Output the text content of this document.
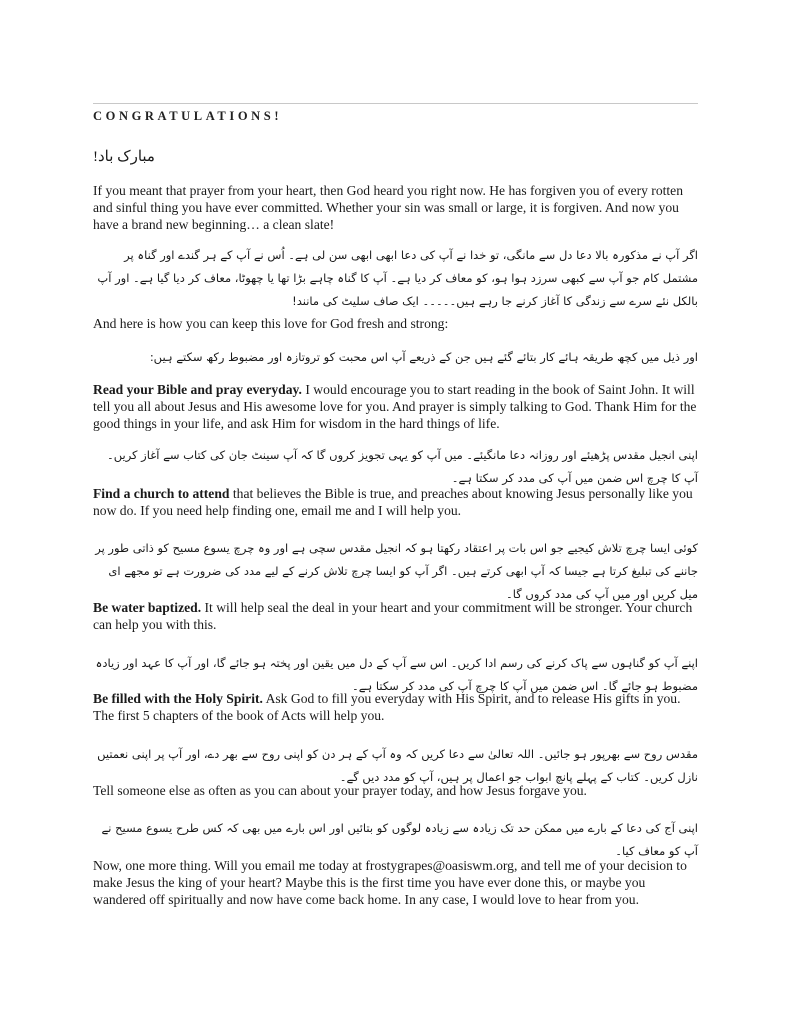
CONGRATULATIONS!
مبارک باد!
If you meant that prayer from your heart, then God heard you right now. He has forgiven you of every rotten and sinful thing you have ever committed. Whether your sin was small or large, it is forgiven. And now you have a brand new beginning… a clean slate!
اگر آپ نے مذکورہ بالا دعا دل سے مانگی، تو خدا نے آپ کی دعا ابھی ابھی سن لی ہے۔ اُس نے آپ کے ہر گندے اور گناہ پر مشتمل کام جو آپ سے کبھی سرزد ہوا ہو، کو معاف کر دیا ہے۔ آپ کا گناہ چاہے بڑا تھا یا چھوٹا، معاف کر دیا گیا ہے۔ اور آپ بالکل نئے سرے سے زندگی کا آغاز کرنے جا رہے ہیں۔۔۔۔۔ ایک صاف سلیٹ کی مانند!
And here is how you can keep this love for God fresh and strong:
اور ذیل میں کچھ طریقہ ہائے کار بتائے گئے ہیں جن کے ذریعے آپ اس محبت کو تروتازہ اور مضبوط رکھ سکتے ہیں:
Read your Bible and pray everyday. I would encourage you to start reading in the book of Saint John. It will tell you all about Jesus and His awesome love for you. And prayer is simply talking to God. Thank Him for the good things in your life, and ask Him for wisdom in the hard things of life.
اپنی انجیل مقدس پڑھیئے اور روزانہ دعا مانگیئے۔ میں آپ کو یہی تجویز کروں گا کہ آپ سینٹ جان کی کتاب سے آغاز کریں۔ آپ کا چرچ اس ضمن میں آپ کی مدد کر سکتا ہے۔
Find a church to attend that believes the Bible is true, and preaches about knowing Jesus personally like you now do. If you need help finding one, email me and I will help you.
کوئی ایسا چرچ تلاش کیجیے جو اس بات پر اعتقاد رکھتا ہو کہ انجیل مقدس سچی ہے اور وہ چرچ یسوع مسیح کو ذاتی طور پر جاننے کی تبلیغ کرتا ہے جیسا کہ آپ ابھی کرتے ہیں۔ اگر آپ کو ایسا چرچ تلاش کرنے کے لیے مدد کی ضرورت ہے تو مجھے ای میل کریں اور میں آپ کی مدد کروں گا۔
Be water baptized. It will help seal the deal in your heart and your commitment will be stronger. Your church can help you with this.
اپنے آپ کو گناہوں سے پاک کرنے کی رسم ادا کریں۔ اس سے آپ کے دل میں یقین اور پختہ ہو جائے گا، اور آپ کا عہد اور زیادہ مضبوط ہو جائے گا۔ اس ضمن میں آپ کا چرچ آپ کی مدد کر سکتا ہے۔
Be filled with the Holy Spirit. Ask God to fill you everyday with His Spirit, and to release His gifts in you. The first 5 chapters of the book of Acts will help you.
مقدس روح سے بھرپور ہو جائیں۔ اللہ تعالیٰ سے دعا کریں کہ وہ آپ کے ہر دن کو اپنی روح سے بھر دے، اور آپ پر اپنی نعمتیں نازل کریں۔ کتاب کے پہلے پانچ ابواب جو اعمال پر ہیں، آپ کو مدد دیں گے۔
Tell someone else as often as you can about your prayer today, and how Jesus forgave you.
اپنی آج کی دعا کے بارے میں ممکن حد تک زیادہ سے زیادہ لوگوں کو بتائیں اور اس بارے میں بھی کہ کس طرح یسوع مسیح نے آپ کو معاف کیا۔
Now, one more thing. Will you email me today at frostygrapes@oasiswm.org, and tell me of your decision to make Jesus the king of your heart? Maybe this is the first time you have ever done this, or maybe you wandered off spiritually and now have come back home. In any case, I would love to hear from you.
